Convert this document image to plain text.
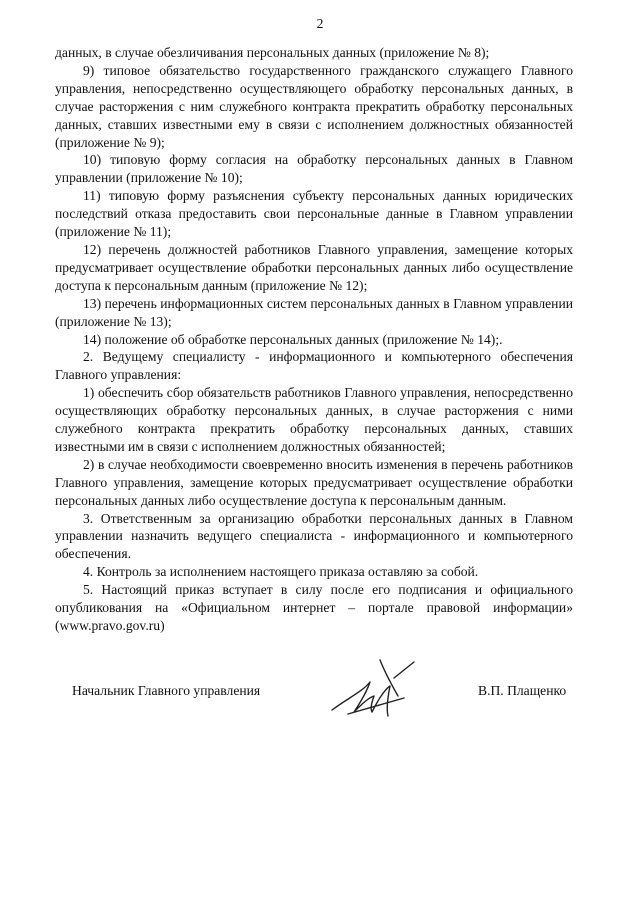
2

данных, в случае обезличивания персональных данных (приложение № 8);

9) типовое обязательство государственного гражданского служащего Главного управления, непосредственно осуществляющего обработку персональных данных, в случае расторжения с ним служебного контракта прекратить обработку персональных данных, ставших известными ему в связи с исполнением должностных обязанностей (приложение № 9);

10) типовую форму согласия на обработку персональных данных в Главном управлении (приложение № 10);

11) типовую форму разъяснения субъекту персональных данных юридических последствий отказа предоставить свои персональные данные в Главном управлении (приложение № 11);

12) перечень должностей работников Главного управления, замещение которых предусматривает осуществление обработки персональных данных либо осуществление доступа к персональным данным (приложение № 12);

13) перечень информационных систем персональных данных в Главном управлении (приложение № 13);

14) положение об обработке персональных данных (приложение № 14);.

2. Ведущему специалисту - информационного и компьютерного обеспечения Главного управления:

1) обеспечить сбор обязательств работников Главного управления, непосредственно осуществляющих обработку персональных данных, в случае расторжения с ними служебного контракта прекратить обработку персональных данных, ставших известными им в связи с исполнением должностных обязанностей;

2) в случае необходимости своевременно вносить изменения в перечень работников Главного управления, замещение которых предусматривает осуществление обработки персональных данных либо осуществление доступа к персональным данным.

3. Ответственным за организацию обработки персональных данных в Главном управлении назначить ведущего специалиста - информационного и компьютерного обеспечения.

4. Контроль за исполнением настоящего приказа оставляю за собой.

5. Настоящий приказ вступает в силу после его подписания и официального опубликования на «Официальном интернет – портале правовой информации» (www.pravo.gov.ru)

Начальник Главного управления	В.П. Плащенко
